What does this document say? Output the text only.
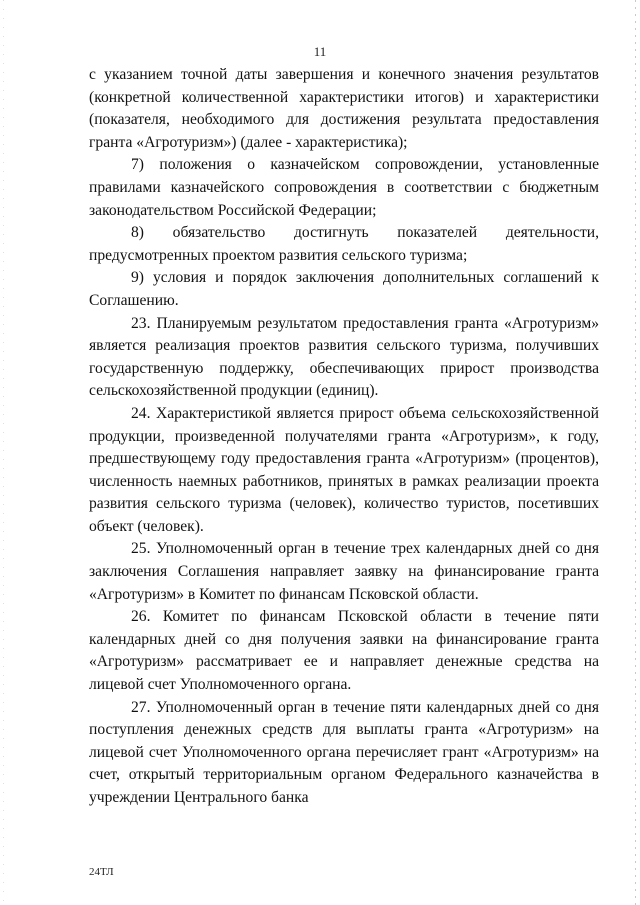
11

с указанием точной даты завершения и конечного значения результатов (конкретной количественной характеристики итогов) и характеристики (показателя, необходимого для достижения результата предоставления гранта «Агротуризм») (далее - характеристика);

7) положения о казначейском сопровождении, установленные правилами казначейского сопровождения в соответствии с бюджетным законодательством Российской Федерации;

8) обязательство достигнуть показателей деятельности, предусмотренных проектом развития сельского туризма;

9) условия и порядок заключения дополнительных соглашений к Соглашению.

23. Планируемым результатом предоставления гранта «Агротуризм» является реализация проектов развития сельского туризма, получивших государственную поддержку, обеспечивающих прирост производства сельскохозяйственной продукции (единиц).

24. Характеристикой является прирост объема сельскохозяйственной продукции, произведенной получателями гранта «Агротуризм», к году, предшествующему году предоставления гранта «Агротуризм» (процентов), численность наемных работников, принятых в рамках реализации проекта развития сельского туризма (человек), количество туристов, посетивших объект (человек).

25. Уполномоченный орган в течение трех календарных дней со дня заключения Соглашения направляет заявку на финансирование гранта «Агротуризм» в Комитет по финансам Псковской области.

26. Комитет по финансам Псковской области в течение пяти календарных дней со дня получения заявки на финансирование гранта «Агротуризм» рассматривает ее и направляет денежные средства на лицевой счет Уполномоченного органа.

27. Уполномоченный орган в течение пяти календарных дней со дня поступления денежных средств для выплаты гранта «Агротуризм» на лицевой счет Уполномоченного органа перечисляет грант «Агротуризм» на счет, открытый территориальным органом Федерального казначейства в учреждении Центрального банка

24ТЛ
